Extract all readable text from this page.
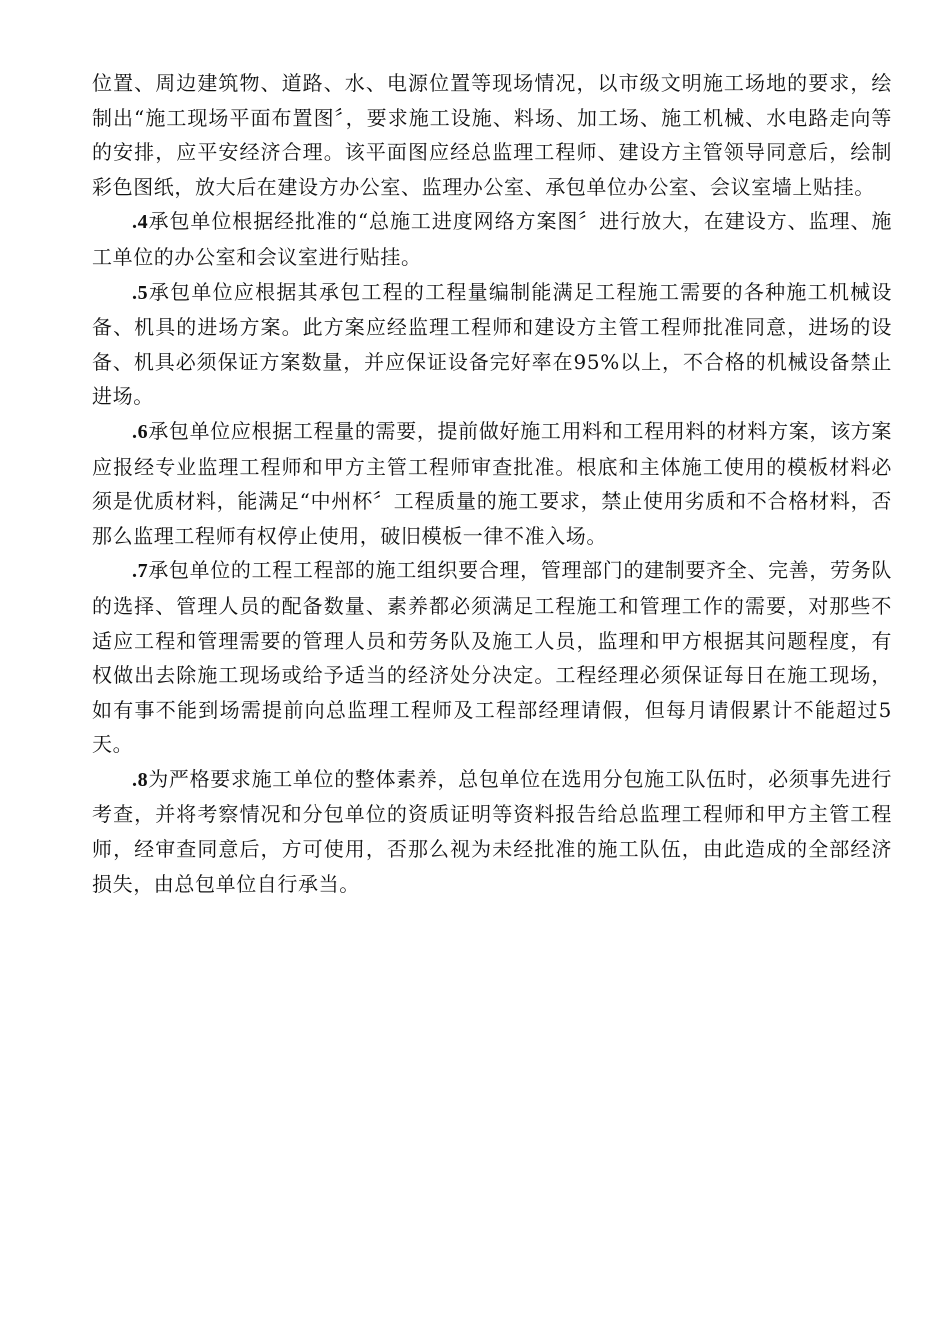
位置、周边建筑物、道路、水、电源位置等现场情况，以市级文明施工场地的要求，绘制出“施工现场平面布置图〞，要求施工设施、料场、加工场、施工机械、水电路走向等的安排，应平安经济合理。该平面图应经总监理工程师、建设方主管领导同意后，绘制彩色图纸，放大后在建设方办公室、监理办公室、承包单位办公室、会议室墙上贴挂。

.4承包单位根据经批准的“总施工进度网络方案图〞进行放大，在建设方、监理、施工单位的办公室和会议室进行贴挂。

.5承包单位应根据其承包工程的工程量编制能满足工程施工需要的各种施工机械设备、机具的进场方案。此方案应经监理工程师和建设方主管工程师批准同意，进场的设备、机具必须保证方案数量，并应保证设备完好率在95%以上，不合格的机械设备禁止进场。

.6承包单位应根据工程量的需要，提前做好施工用料和工程用料的材料方案，该方案应报经专业监理工程师和甲方主管工程师审查批准。根底和主体施工使用的模板材料必须是优质材料，能满足“中州杯〞工程质量的施工要求，禁止使用劣质和不合格材料，否那么监理工程师有权停止使用，破旧模板一律不准入场。

.7承包单位的工程工程部的施工组织要合理，管理部门的建制要齐全、完善，劳务队的选择、管理人员的配备数量、素养都必须满足工程施工和管理工作的需要，对那些不适应工程和管理需要的管理人员和劳务队及施工人员，监理和甲方根据其问题程度，有权做出去除施工现场或给予适当的经济处分决定。工程经理必须保证每日在施工现场，如有事不能到场需提前向总监理工程师及工程部经理请假，但每月请假累计不能超过5天。

.8为严格要求施工单位的整体素养，总包单位在选用分包施工队伍时，必须事先进行考查，并将考察情况和分包单位的资质证明等资料报告给总监理工程师和甲方主管工程师，经审查同意后，方可使用，否那么视为未经批准的施工队伍，由此造成的全部经济损失，由总包单位自行承当。
